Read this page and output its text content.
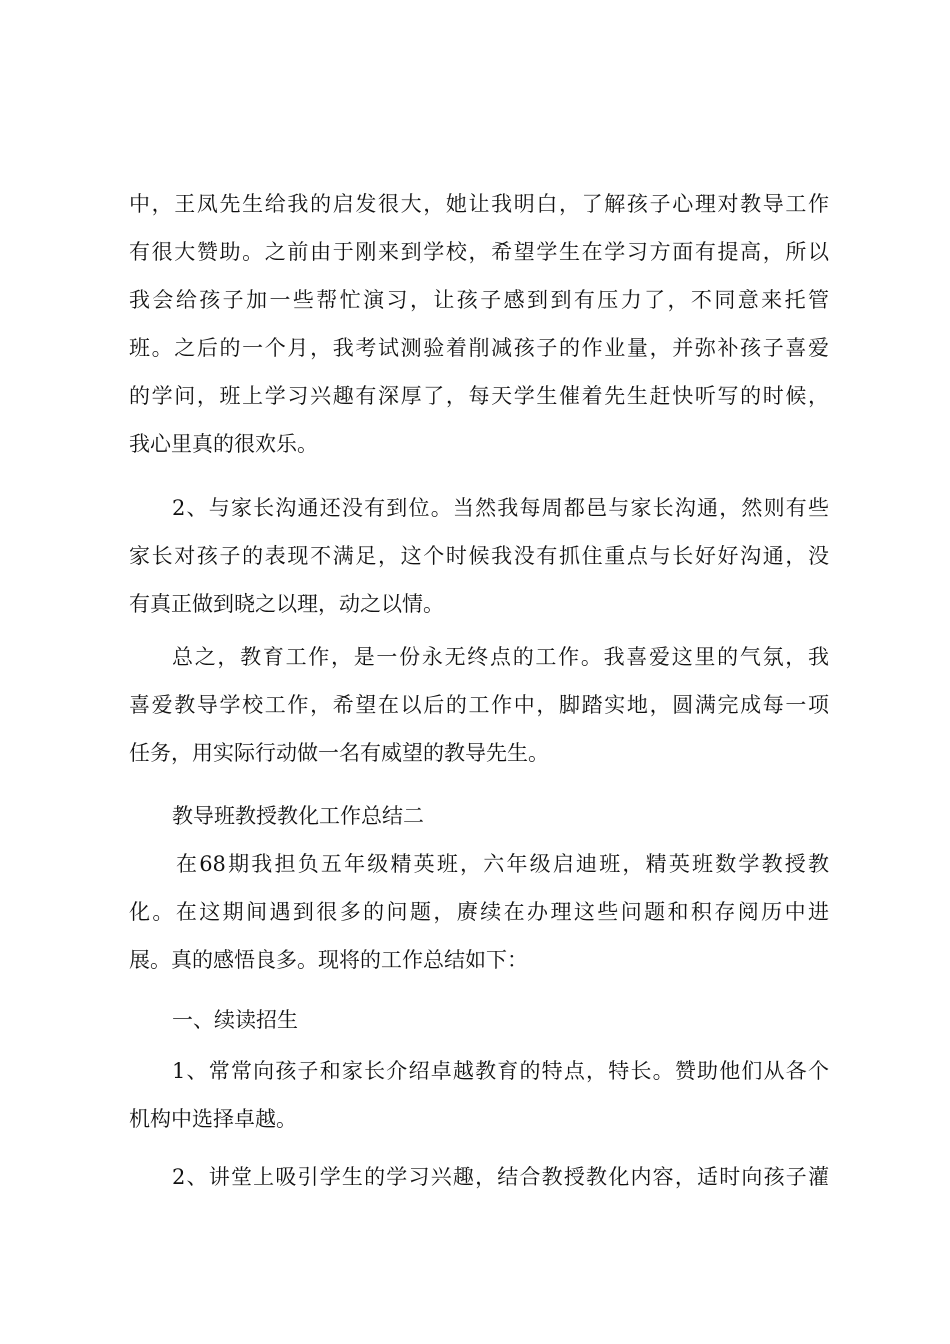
中，王凤先生给我的启发很大，她让我明白，了解孩子心理对教导工作

有很大赞助。之前由于刚来到学校，希望学生在学习方面有提高，所以

我会给孩子加一些帮忙演习，让孩子感到到有压力了，不同意来托管

班。之后的一个月，我考试测验着削减孩子的作业量，并弥补孩子喜爱

的学问，班上学习兴趣有深厚了，每天学生催着先生赶快听写的时候，

我心里真的很欢乐。

2、与家长沟通还没有到位。当然我每周都邑与家长沟通，然则有些

家长对孩子的表现不满足，这个时候我没有抓住重点与长好好沟通，没

有真正做到晓之以理，动之以情。

总之，教育工作，是一份永无终点的工作。我喜爱这里的气氛，我

喜爱教导学校工作，希望在以后的工作中，脚踏实地，圆满完成每一项

任务，用实际行动做一名有威望的教导先生。

教导班教授教化工作总结二

在68期我担负五年级精英班，六年级启迪班，精英班数学教授教

化。在这期间遇到很多的问题，赓续在办理这些问题和积存阅历中进

展。真的感悟良多。现将的工作总结如下：

一、续读招生

1、常常向孩子和家长介绍卓越教育的特点，特长。赞助他们从各个

机构中选择卓越。

2、讲堂上吸引学生的学习兴趣，结合教授教化内容，适时向孩子灌
